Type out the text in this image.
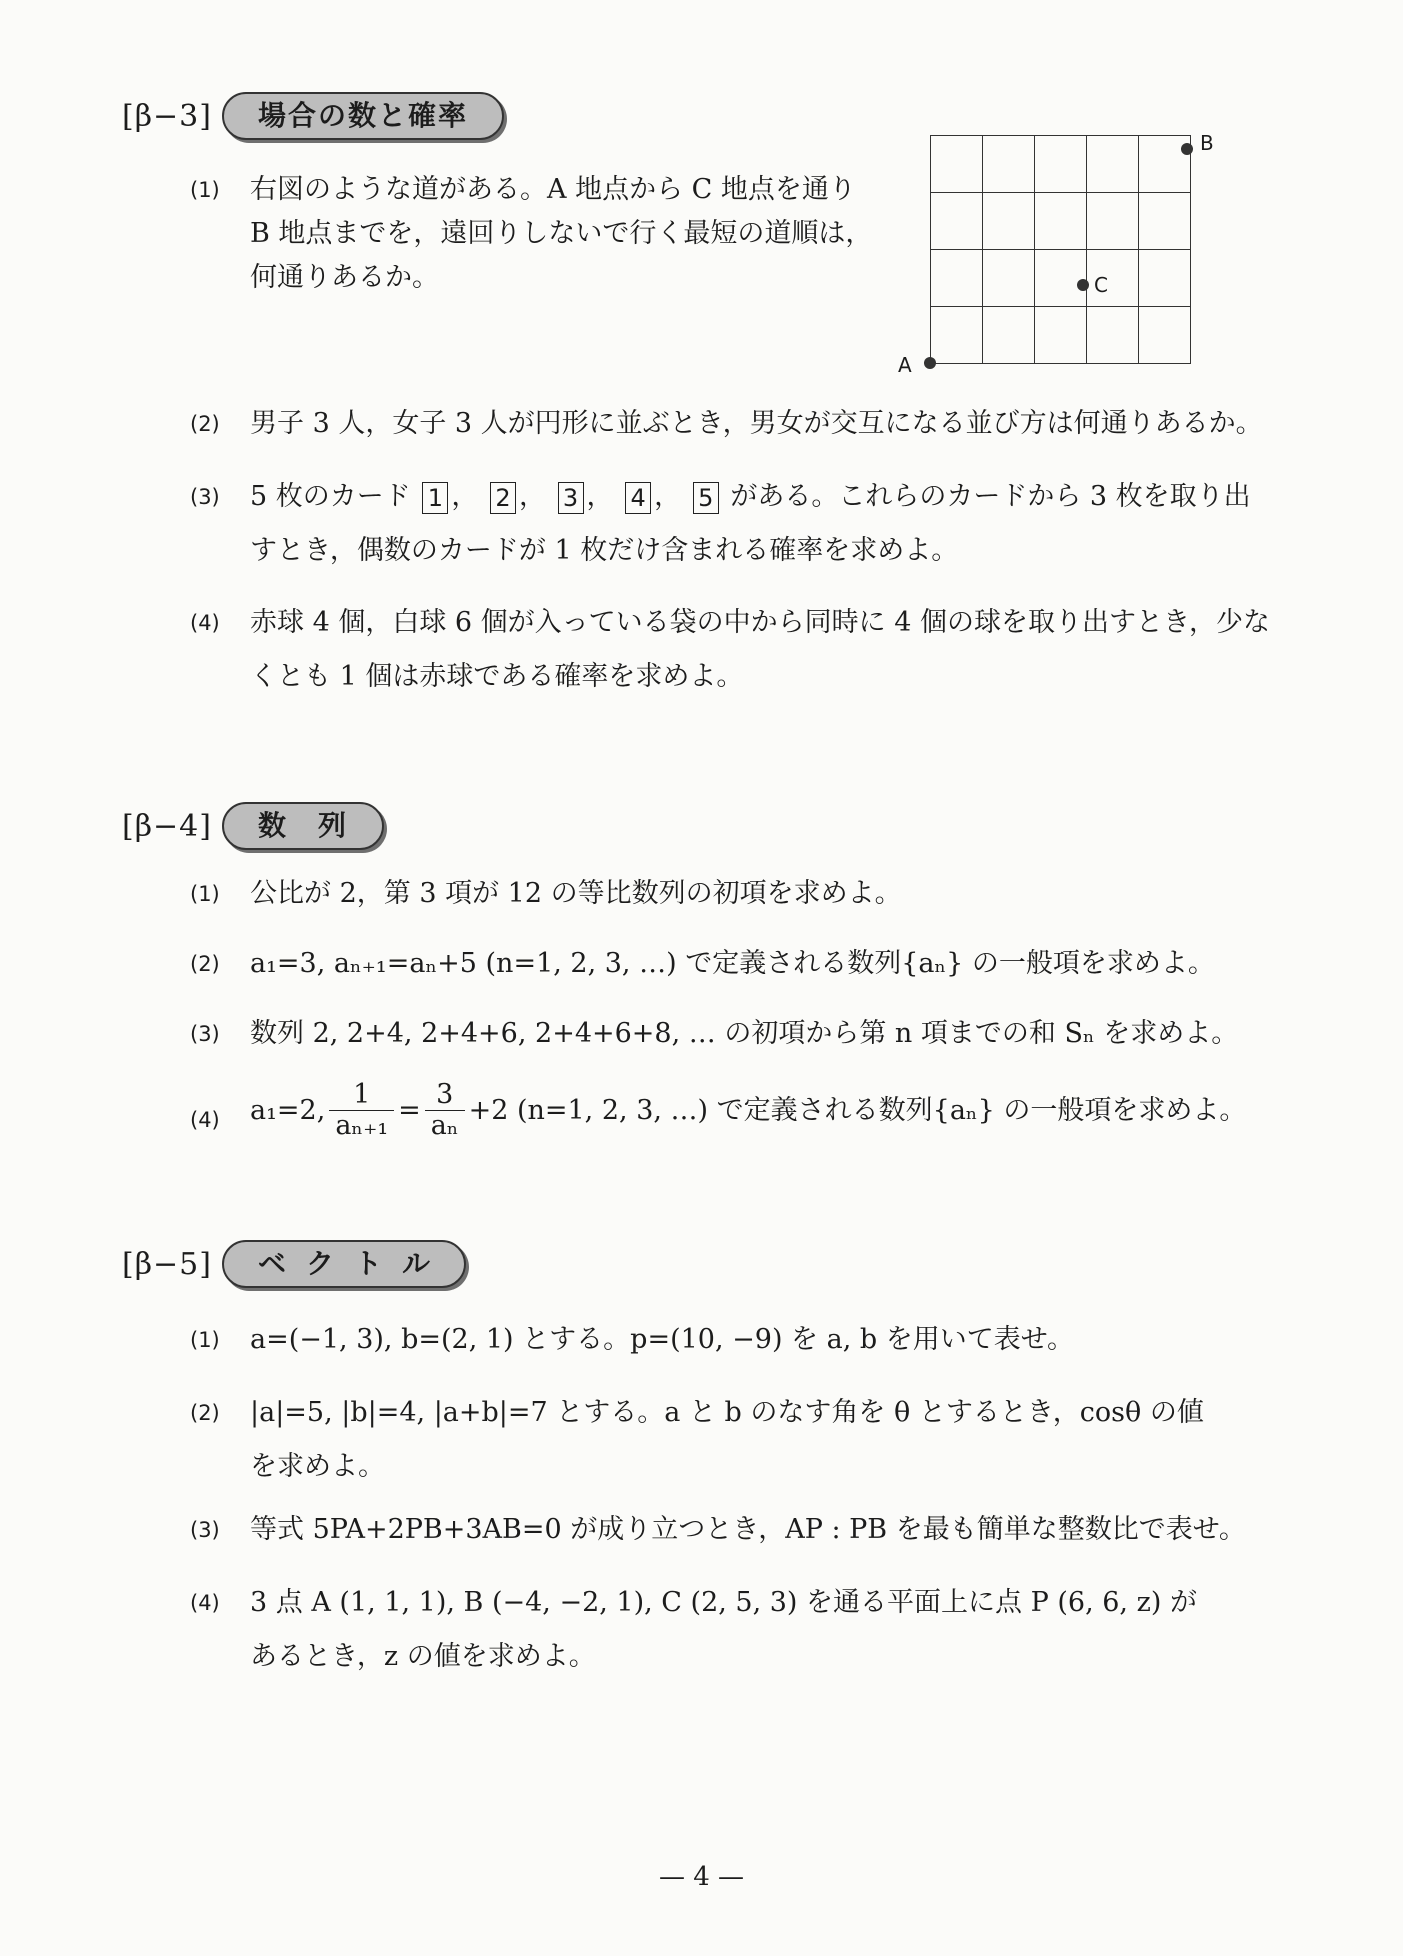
[β−3]	場合の数と確率
(1) 右図のような道がある。A 地点から C 地点を通り
B 地点までを，遠回りしないで行く最短の道順は，
何通りあるか。
A
B
C
(2) 男子 3 人，女子 3 人が円形に並ぶとき，男女が交互になる並び方は何通りあるか。
(3) 5 枚のカード 1 ， 2 ， 3 ， 4 ， 5 がある。これらのカードから 3 枚を取り出
すとき，偶数のカードが 1 枚だけ含まれる確率を求めよ。
(4) 赤球 4 個，白球 6 個が入っている袋の中から同時に 4 個の球を取り出すとき，少な
くとも 1 個は赤球である確率を求めよ。
[β−4]	数　列
(1) 公比が 2，第 3 項が 12 の等比数列の初項を求めよ。
(2) a₁=3, aₙ₊₁=aₙ+5 (n=1, 2, 3, …) で定義される数列{aₙ} の一般項を求めよ。
(3) 数列 2, 2+4, 2+4+6, 2+4+6+8, … の初項から第 n 項までの和 Sₙ を求めよ。
(4) a₁=2, $\frac{1}{\text{aₙ₊₁}} = \frac{3}{\text{aₙ}} +2$ (n=1, 2, 3, …) で定義される数列{aₙ} の一般項を求めよ。
[β−5]	ベクトル
(1) a=(−1, 3), b=(2, 1) とする。p=(10, −9) を a, b を用いて表せ。
(2) |a|=5, |b|=4, |a+b|=7 とする。a と b のなす角を θ とするとき，cosθ の値
を求めよ。
(3) 等式 5PA+2PB+3AB=0 が成り立つとき，AP : PB を最も簡単な整数比で表せ。
(4) 3 点 A (1, 1, 1), B (−4, −2, 1), C (2, 5, 3) を通る平面上に点 P (6, 6, z) が
あるとき，z の値を求めよ。
— 4 —
